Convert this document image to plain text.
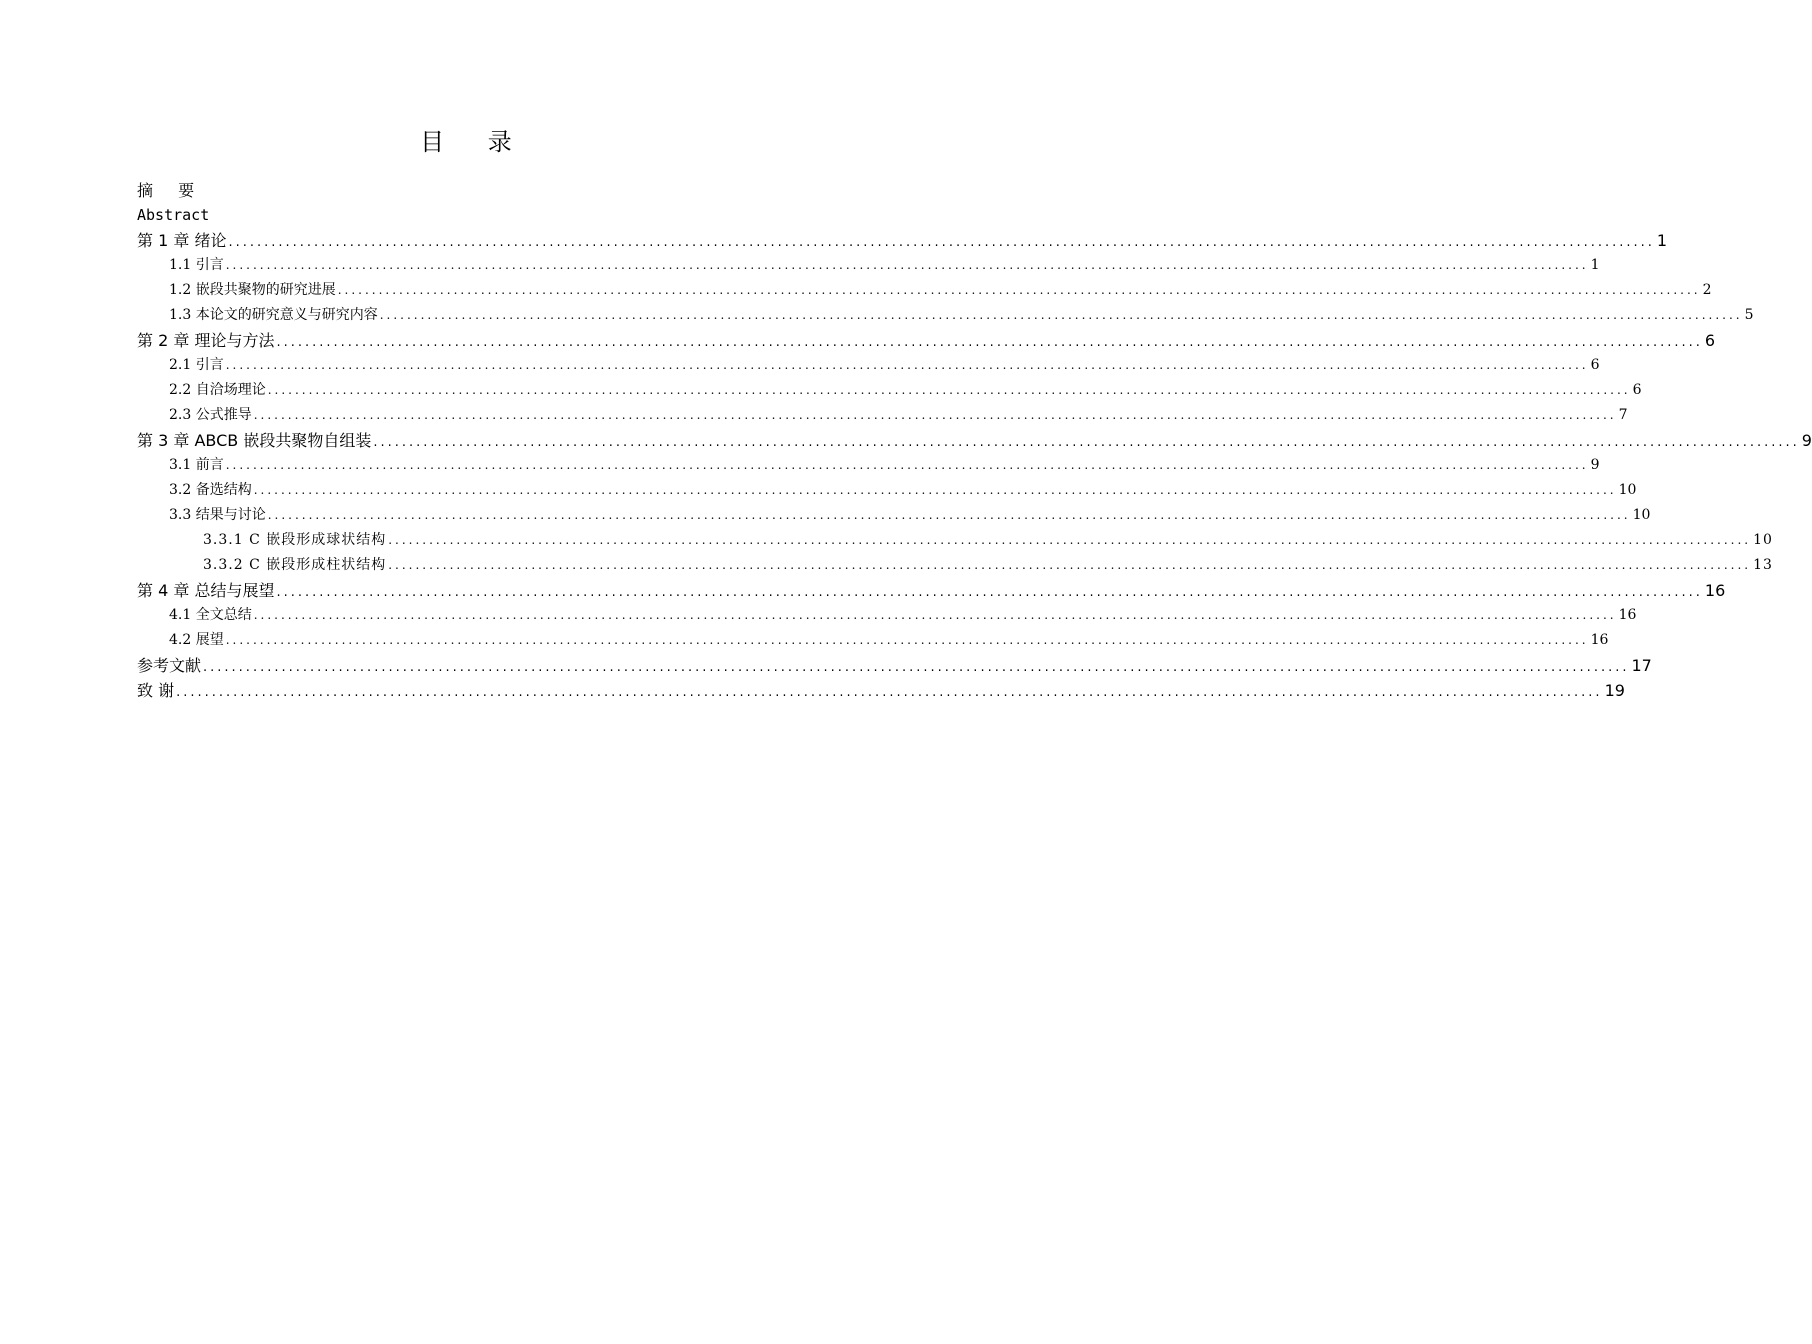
目 录
摘 要
Abstract
第 1 章 绪论 ........................................................................................................................................................................................................ 1
1.1 引言 ........................................................................................................................................................................................................ 1
1.2 嵌段共聚物的研究进展 ........................................................................................................................................................................................................ 2
1.3 本论文的研究意义与研究内容 ........................................................................................................................................................................................................ 5
第 2 章 理论与方法 ........................................................................................................................................................................................................ 6
2.1 引言 ........................................................................................................................................................................................................ 6
2.2 自洽场理论 ........................................................................................................................................................................................................ 6
2.3 公式推导 ........................................................................................................................................................................................................ 7
第 3 章 ABCB 嵌段共聚物自组装 ........................................................................................................................................................................................................ 9
3.1 前言 ........................................................................................................................................................................................................ 9
3.2 备选结构 ........................................................................................................................................................................................................ 10
3.3 结果与讨论 ........................................................................................................................................................................................................ 10
3.3.1 C 嵌段形成球状结构 ........................................................................................................................................................................................................ 10
3.3.2 C 嵌段形成柱状结构 ........................................................................................................................................................................................................ 13
第 4 章 总结与展望 ........................................................................................................................................................................................................ 16
4.1 全文总结 ........................................................................................................................................................................................................ 16
4.2 展望 ........................................................................................................................................................................................................ 16
参考文献 ........................................................................................................................................................................................................ 17
致 谢 ........................................................................................................................................................................................................ 19
